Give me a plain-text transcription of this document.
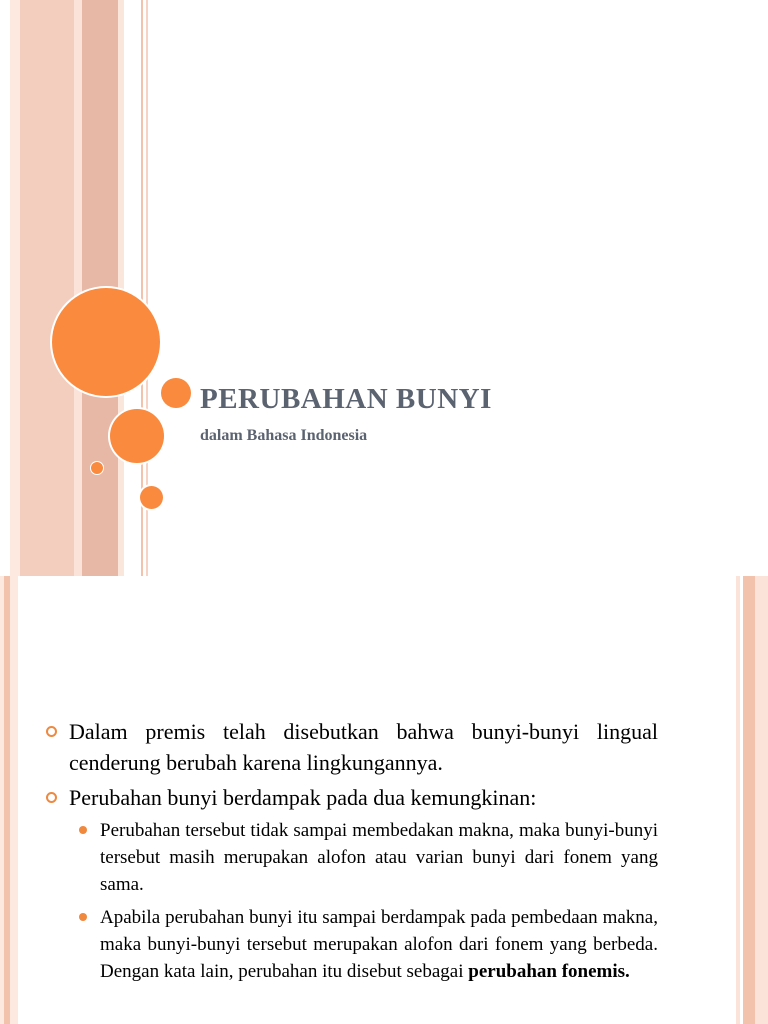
PERUBAHAN BUNYI
dalam Bahasa Indonesia
Dalam premis telah disebutkan bahwa bunyi-bunyi lingual cenderung berubah karena lingkungannya.
Perubahan bunyi berdampak pada dua kemungkinan:
Perubahan tersebut tidak sampai membedakan makna, maka bunyi-bunyi tersebut masih merupakan alofon atau varian bunyi dari fonem yang sama.
Apabila perubahan bunyi itu sampai berdampak pada pembedaan makna, maka bunyi-bunyi tersebut merupakan alofon dari fonem yang berbeda. Dengan kata lain, perubahan itu disebut sebagai perubahan fonemis.
